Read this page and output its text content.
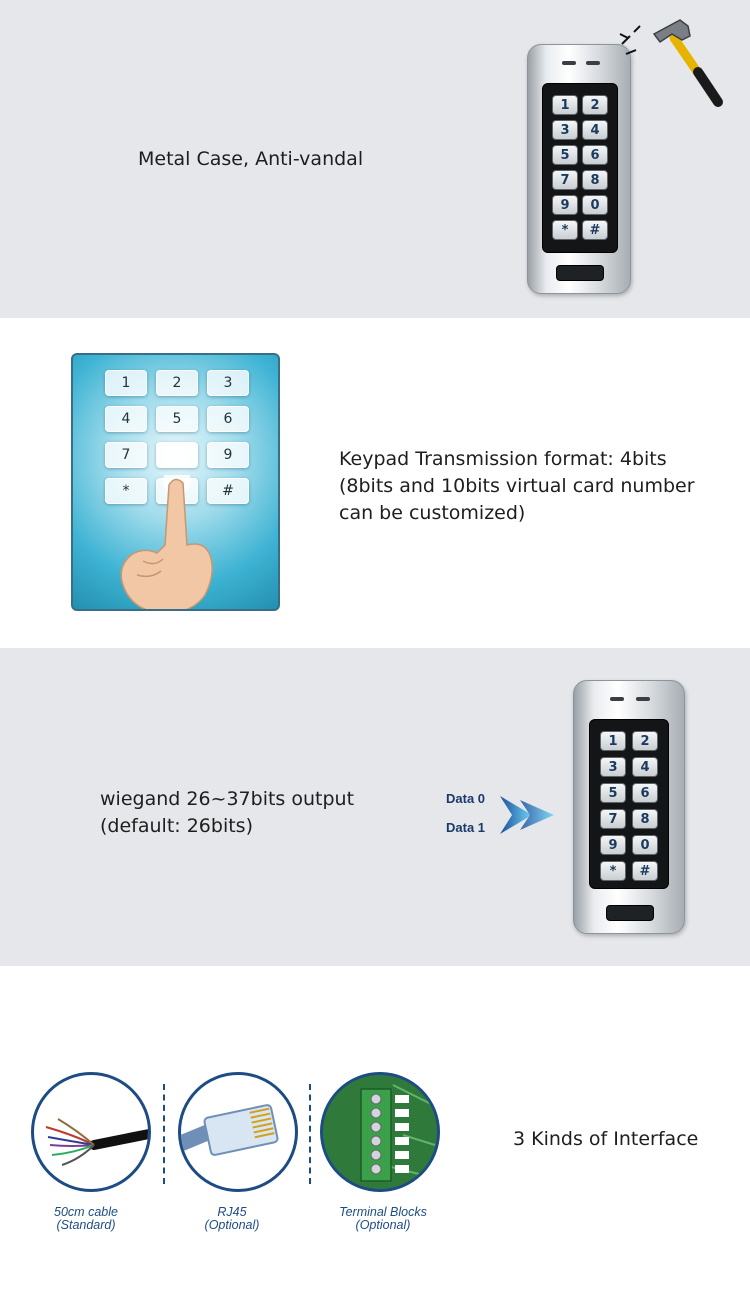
Metal Case, Anti-vandal
1	2
3	4
5	6
7	8
9	0
*	#
1	2	3
4	5	6
7	9
*	#
Keypad Transmission format: 4bits
(8bits and 10bits virtual card number
can be customized)
wiegand 26~37bits output
(default: 26bits)
Data 0
Data 1
1	2
3	4
5	6
7	8
9	0
*	#
50cm cable
(Standard)
RJ45
(Optional)
Terminal Blocks
(Optional)
3 Kinds of Interface
